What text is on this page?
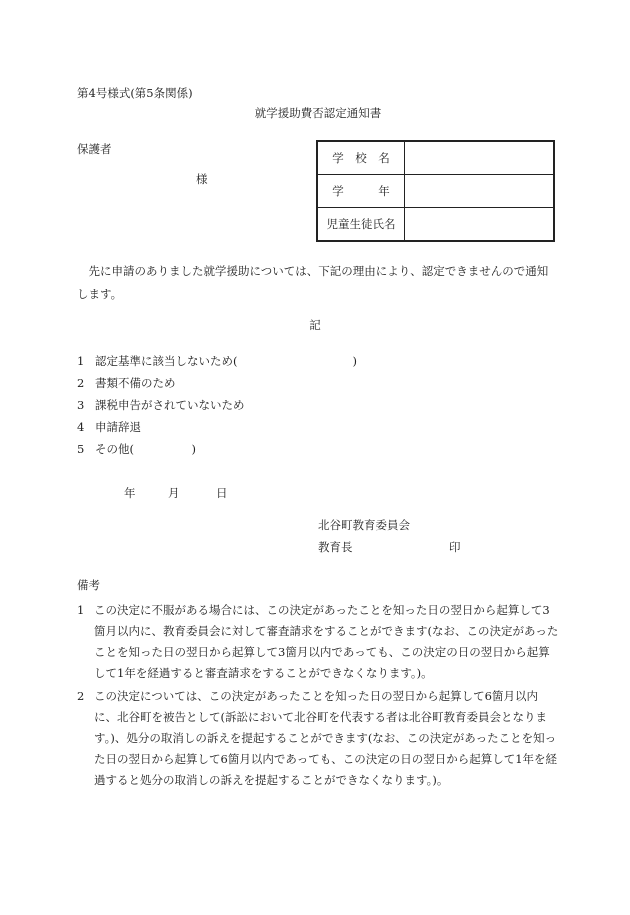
第4号様式(第5条関係)
就学援助費否認定通知書
保護者
様
学　校　名	
学　　　年	
児童生徒氏名	
先に申請のありました就学援助については、下記の理由により、認定できませんので通知します。
記
1 認定基準に該当しないため(　　　　　　　　　　)
2 書類不備のため
3 課税申告がされていないため
4 申請辞退
5 その他(　　　　　)
年	月	日
北谷町教育委員会
教育長	印
備考
1 この決定に不服がある場合には、この決定があったことを知った日の翌日から起算して3箇月以内に、教育委員会に対して審査請求をすることができます(なお、この決定があったことを知った日の翌日から起算して3箇月以内であっても、この決定の日の翌日から起算して1年を経過すると審査請求をすることができなくなります。)。
2 この決定については、この決定があったことを知った日の翌日から起算して6箇月以内に、北谷町を被告として(訴訟において北谷町を代表する者は北谷町教育委員会となります。)、処分の取消しの訴えを提起することができます(なお、この決定があったことを知った日の翌日から起算して6箇月以内であっても、この決定の日の翌日から起算して1年を経過すると処分の取消しの訴えを提起することができなくなります。)。
